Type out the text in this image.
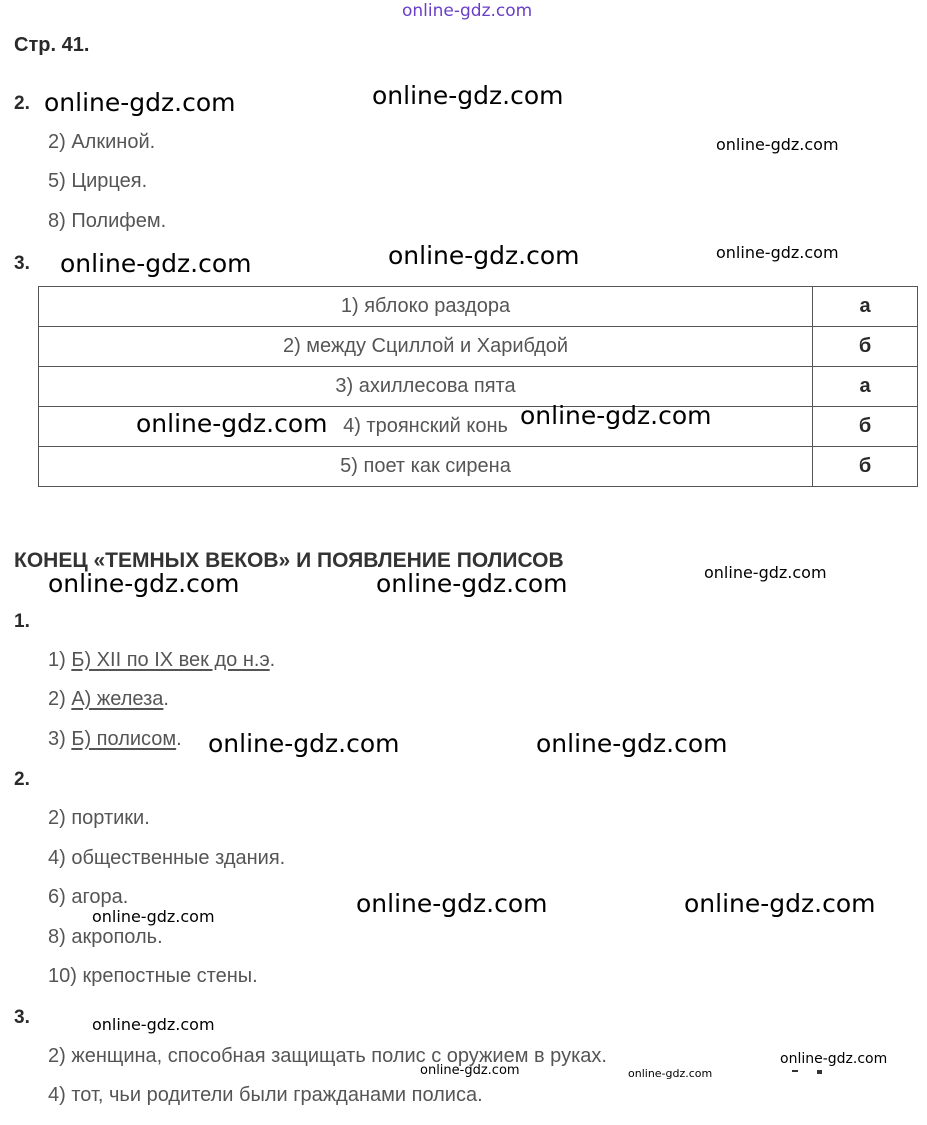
online-gdz.com
Стр. 41.
2.
2) Алкиной.
5) Цирцея.
8) Полифем.
3.
1) яблоко раздора	а
2) между Сциллой и Харибдой	б
3) ахиллесова пята	а
4) троянский конь	б
5) поет как сирена	б
КОНЕЦ «ТЕМНЫХ ВЕКОВ» И ПОЯВЛЕНИЕ ПОЛИСОВ
1.
1) Б) XII по IX век до н.э.
2) А) железа.
3) Б) полисом.
2.
2) портики.
4) общественные здания.
6) агора.
8) акрополь.
10) крепостные стены.
3.
2) женщина, способная защищать полис с оружием в руках.
4) тот, чьи родители были гражданами полиса.
online-gdz.com	online-gdz.com
online-gdz.com
online-gdz.com	online-gdz.com	online-gdz.com
online-gdz.com	online-gdz.com
online-gdz.com	online-gdz.com	online-gdz.com
online-gdz.com	online-gdz.com
online-gdz.com	online-gdz.com
online-gdz.com
online-gdz.com
online-gdz.com
online-gdz.com	online-gdz.com
